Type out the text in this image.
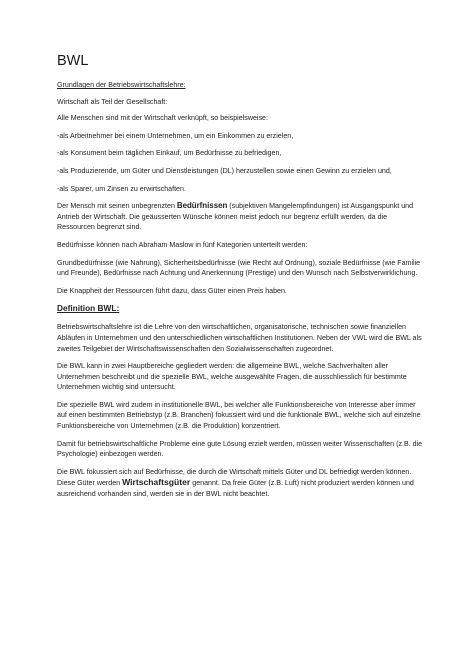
BWL

Grundlagen der Betriebswirtschaftslehre:

Wirtschaft als Teil der Gesellschaft:

Alle Menschen sind mit der Wirtschaft verknüpft, so beispielsweise:

-als Arbeitnehmer bei einem Unternehmen, um ein Einkommen zu erzielen,

-als Konsument beim täglichen Einkauf, um Bedürfnisse zu befriedigen,

-als Produzierende, um Güter und Dienstleistungen (DL) herzustellen sowie einen Gewinn zu erzielen und,

-als Sparer, um Zinsen zu erwirtschaften.

Der Mensch mit seinen unbegrenzten Bedürfnissen (subjektiven Mangelempfindungen) ist Ausgangspunkt und Antrieb der Wirtschaft. Die geäusserten Wünsche können meist jedoch nur begrenz erfüllt werden, da die Ressourcen begrenzt sind.

Bedürfnisse können nach Abraham Maslow in fünf Kategorien unterteilt werden:

Grundbedürfnisse (wie Nahrung), Sicherheitsbedürfnisse (wie Recht auf Ordnung), soziale Bedürfnisse (wie Familie und Freunde), Bedürfnisse nach Achtung und Anerkennung (Prestige) und den Wunsch nach Selbstverwirklichung.

Die Knappheit der Ressourcen führt dazu, dass Güter einen Preis haben.

Definition BWL:

Betriebswirtschaftslehre ist die Lehre von den wirtschaftlichen, organisatorische, technischen sowie finanziellen Abläufen in Unternehmen und den unterschiedlichen wirtschaftlichen Institutionen. Neben der VWL wird die BWL als zweites Teilgebiet der Wirtschaftswissenschaften den Sozialwissenschaften zugeordnet.

Die BWL kann in zwei Hauptbereiche gegliedert werden: die allgemeine BWL, welche Sachverhalten aller Unternehmen beschreibt und die spezielle BWL, welche ausgewählte Fragen, die ausschliesslich für bestimmte Unternehmen wichtig sind untersucht.

Die spezielle BWL wird zudem in institutionelle BWL, bei welcher alle Funktionsbereiche von Interesse aber immer auf einen bestimmten Betriebstyp (z.B. Branchen) fokussiert wird und die funktionale BWL, welche sich auf einzelne Funktionsbereiche von Unternehmen (z.B. die Produktion) konzentriert.

Damit für betriebswirtschaftliche Probleme eine gute Lösung erzielt werden, müssen weiter Wissenschaften (z.B. die Psychologie) einbezogen werden.

Die BWL fokussiert sich auf Bedürfnisse, die durch die Wirtschaft mittels Güter und DL befriedigt werden können. Diese Güter werden Wirtschaftsgüter genannt. Da freie Güter (z.B. Luft) nicht produziert werden können und ausreichend vorhanden sind, werden sie in der BWL nicht beachtet.
